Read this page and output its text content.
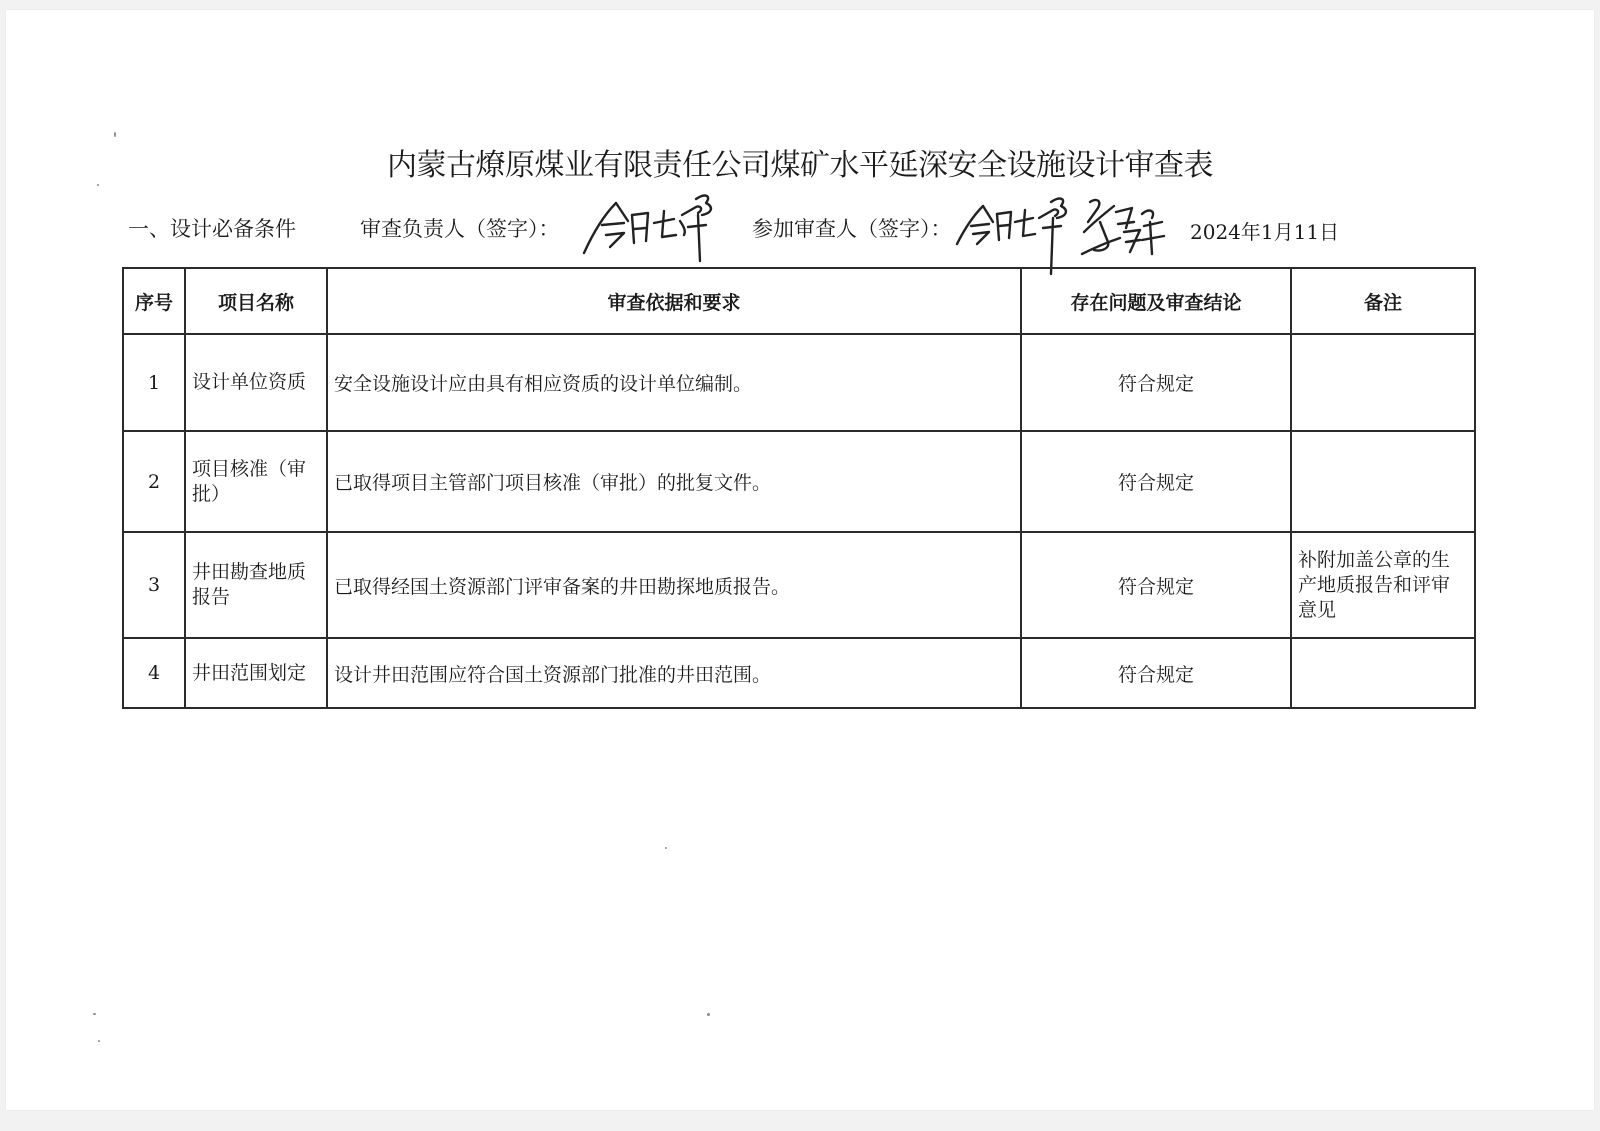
内蒙古燎原煤业有限责任公司煤矿水平延深安全设施设计审查表
一、设计必备条件	审查负责人（签字）：	参加审查人（签字）：	2024年1月11日
序号	项目名称	审查依据和要求	存在问题及审查结论	备注
1	设计单位资质	安全设施设计应由具有相应资质的设计单位编制。	符合规定	
2	项目核准（审批）	已取得项目主管部门项目核准（审批）的批复文件。	符合规定	
3	井田勘查地质报告	已取得经国土资源部门评审备案的井田勘探地质报告。	符合规定	补附加盖公章的生产地质报告和评审意见
4	井田范围划定	设计井田范围应符合国土资源部门批准的井田范围。	符合规定	
